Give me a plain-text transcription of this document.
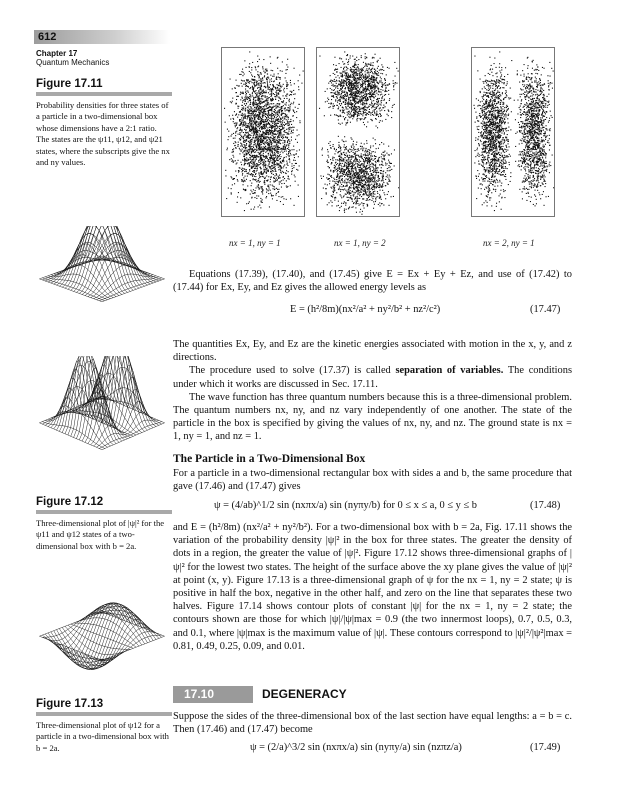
612
Chapter 17
Quantum Mechanics
Figure 17.11
Probability densities for three states of a particle in a two-dimensional box whose dimensions have a 2:1 ratio. The states are the ψ11, ψ12, and ψ21 states, where the subscripts give the nx and ny values.
nx = 1, ny = 1	nx = 1, ny = 2	nx = 2, ny = 1
Figure 17.12
Three-dimensional plot of |ψ|² for the ψ11 and ψ12 states of a two-dimensional box with b = 2a.
Figure 17.13
Three-dimensional plot of ψ12 for a particle in a two-dimensional box with b = 2a.

Equations (17.39), (17.40), and (17.45) give E = Ex + Ey + Ez, and use of (17.42) to (17.44) for Ex, Ey, and Ez gives the allowed energy levels as

E = (h²/8m)(nx²/a² + ny²/b² + nz²/c²)	(17.47)

The quantities Ex, Ey, and Ez are the kinetic energies associated with motion in the x, y, and z directions.

The procedure used to solve (17.37) is called separation of variables. The conditions under which it works are discussed in Sec. 17.11.

The wave function has three quantum numbers because this is a three-dimensional problem. The quantum numbers nx, ny, and nz vary independently of one another. The state of the particle in the box is specified by giving the values of nx, ny, and nz. The ground state is nx = 1, ny = 1, and nz = 1.

The Particle in a Two-Dimensional Box

For a particle in a two-dimensional rectangular box with sides a and b, the same procedure that gave (17.46) and (17.47) gives

ψ = (4/ab)^1/2 sin (nxπx/a) sin (nyπy/b) for 0 ≤ x ≤ a, 0 ≤ y ≤ b	(17.48)

and E = (h²/8m) (nx²/a² + ny²/b²). For a two-dimensional box with b = 2a, Fig. 17.11 shows the variation of the probability density |ψ|² in the box for three states. The greater the density of dots in a region, the greater the value of |ψ|². Figure 17.12 shows three-dimensional graphs of |ψ|² for the lowest two states. The height of the surface above the xy plane gives the value of |ψ|² at point (x, y). Figure 17.13 is a three-dimensional graph of ψ for the nx = 1, ny = 2 state; ψ is positive in half the box, negative in the other half, and zero on the line that separates these two halves. Figure 17.14 shows contour plots of constant |ψ| for the nx = 1, ny = 2 state; the contours shown are those for which |ψ|/|ψ|max = 0.9 (the two innermost loops), 0.7, 0.5, 0.3, and 0.1, where |ψ|max is the maximum value of |ψ|. These contours correspond to |ψ|²/|ψ²|max = 0.81, 0.49, 0.25, 0.09, and 0.01.

17.10	DEGENERACY

Suppose the sides of the three-dimensional box of the last section have equal lengths: a = b = c. Then (17.46) and (17.47) become

ψ = (2/a)^3/2 sin (nxπx/a) sin (nyπy/a) sin (nzπz/a)	(17.49)
